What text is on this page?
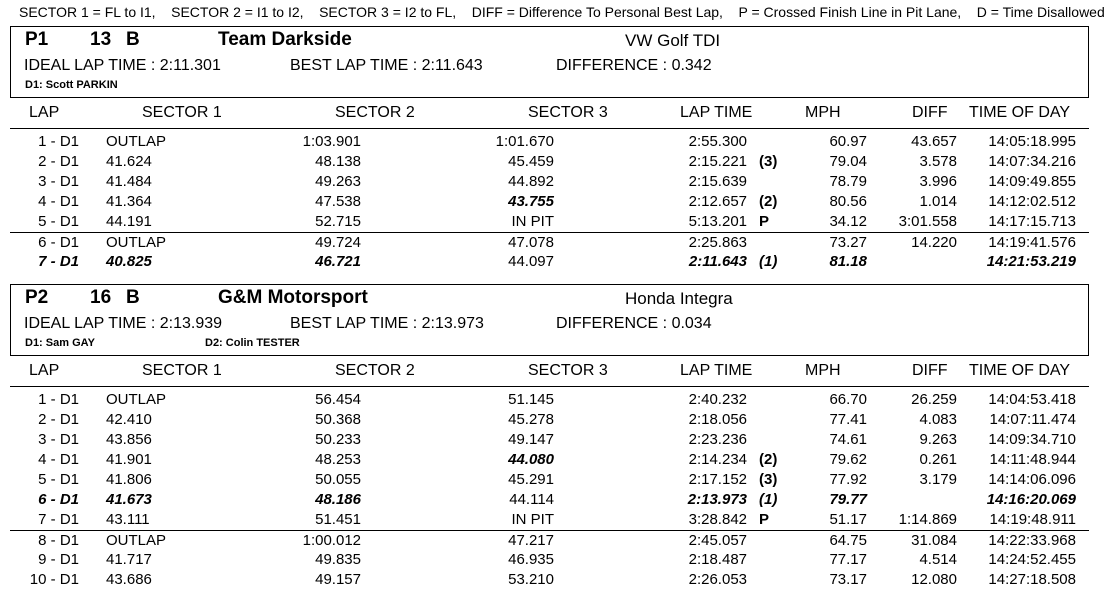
SECTOR 1 = FL to I1,    SECTOR 2 = I1 to I2,    SECTOR 3 = I2 to FL,    DIFF = Difference To Personal Best Lap,    P = Crossed Finish Line in Pit Lane,    D = Time Disallowed
P1 13 B	Team Darkside	VW Golf TDI
IDEAL LAP TIME : 2:11.301	BEST LAP TIME : 2:11.643	DIFFERENCE : 0.342
D1: Scott PARKIN
LAP	SECTOR 1	SECTOR 2	SECTOR 3	LAP TIME	MPH	DIFF TIME OF DAY
1 - D1 OUTLAP	1:03.901	1:01.670	2:55.300	60.97	43.657 14:05:18.995
2 - D1 41.624	48.138	45.459	2:15.221 (3)	79.04	3.578 14:07:34.216
3 - D1 41.484	49.263	44.892	2:15.639	78.79	3.996 14:09:49.855
4 - D1 41.364	47.538	43.755	2:12.657 (2)	80.56	1.014 14:12:02.512
5 - D1 44.191	52.715	IN PIT	5:13.201 P	34.12 3:01.558 14:17:15.713
6 - D1 OUTLAP	49.724	47.078	2:25.863	73.27	14.220 14:19:41.576
7 - D1 40.825	46.721	44.097	2:11.643 (1)	81.18	14:21:53.219
P2 16 B	G&M Motorsport	Honda Integra
IDEAL LAP TIME : 2:13.939	BEST LAP TIME : 2:13.973	DIFFERENCE : 0.034
D1: Sam GAY	D2: Colin TESTER
LAP	SECTOR 1	SECTOR 2	SECTOR 3	LAP TIME	MPH	DIFF TIME OF DAY
1 - D1 OUTLAP	56.454	51.145	2:40.232	66.70	26.259 14:04:53.418
2 - D1 42.410	50.368	45.278	2:18.056	77.41	4.083 14:07:11.474
3 - D1 43.856	50.233	49.147	2:23.236	74.61	9.263 14:09:34.710
4 - D1 41.901	48.253	44.080	2:14.234 (2)	79.62	0.261 14:11:48.944
5 - D1 41.806	50.055	45.291	2:17.152 (3)	77.92	3.179 14:14:06.096
6 - D1 41.673	48.186	44.114	2:13.973 (1)	79.77	14:16:20.069
7 - D1 43.111	51.451	IN PIT	3:28.842 P	51.17 1:14.869 14:19:48.911
8 - D1 OUTLAP	1:00.012	47.217	2:45.057	64.75	31.084 14:22:33.968
9 - D1 41.717	49.835	46.935	2:18.487	77.17	4.514 14:24:52.455
10 - D1 43.686	49.157	53.210	2:26.053	73.17	12.080 14:27:18.508
